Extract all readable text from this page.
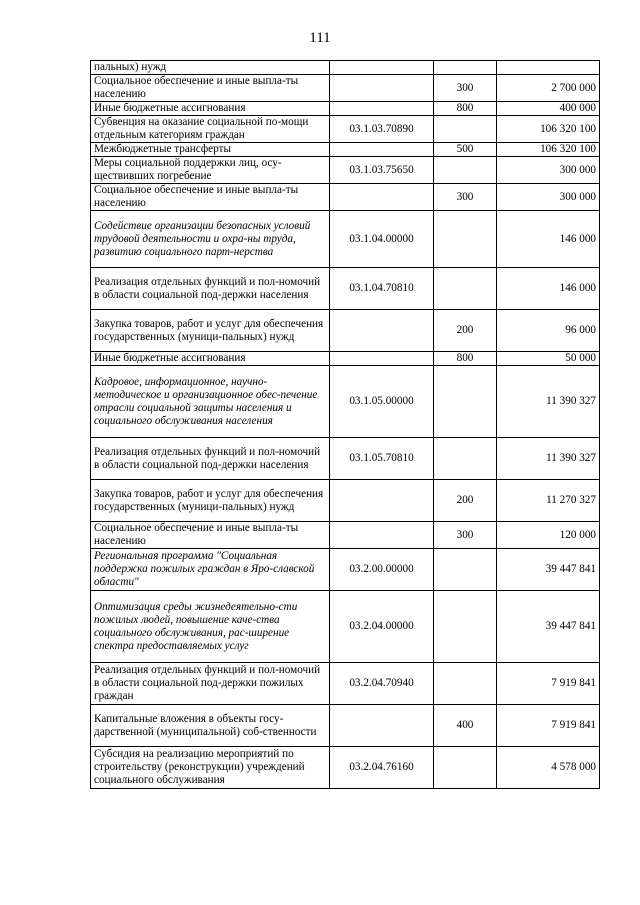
111
пальных) нужд			
Социальное обеспечение и иные выпла-ты населению		300	2 700 000
Иные бюджетные ассигнования		800	400 000
Субвенция на оказание социальной по-мощи отдельным категориям граждан	03.1.03.70890		106 320 100
Межбюджетные трансферты		500	106 320 100
Меры социальной поддержки лиц, осу-ществивших погребение	03.1.03.75650		300 000
Социальное обеспечение и иные выпла-ты населению		300	300 000
Содействие организации безопасных условий трудовой деятельности и охра-ны труда, развитию социального парт-нерства	03.1.04.00000		146 000
Реализация отдельных функций и пол-номочий в области социальной под-держки населения	03.1.04.70810		146 000
Закупка товаров, работ и услуг для обеспечения государственных (муници-пальных) нужд		200	96 000
Иные бюджетные ассигнования		800	50 000
Кадровое, информационное, научно-методическое и организационное обес-печение отрасли социальной защиты населения и социального обслуживания населения	03.1.05.00000		11 390 327
Реализация отдельных функций и пол-номочий в области социальной под-держки населения	03.1.05.70810		11 390 327
Закупка товаров, работ и услуг для обеспечения государственных (муници-пальных) нужд		200	11 270 327
Социальное обеспечение и иные выпла-ты населению		300	120 000
Региональная программа "Социальная поддержка пожилых граждан в Яро-славской области"	03.2.00.00000		39 447 841
Оптимизация среды жизнедеятельно-сти пожилых людей, повышение каче-ства социального обслуживания, рас-ширение спектра предоставляемых услуг	03.2.04.00000		39 447 841
Реализация отдельных функций и пол-номочий в области социальной под-держки пожилых граждан	03.2.04.70940		7 919 841
Капитальные вложения в объекты госу-дарственной (муниципальной) соб-ственности		400	7 919 841
Субсидия на реализацию мероприятий по строительству (реконструкции) учреждений социального обслуживания	03.2.04.76160		4 578 000
